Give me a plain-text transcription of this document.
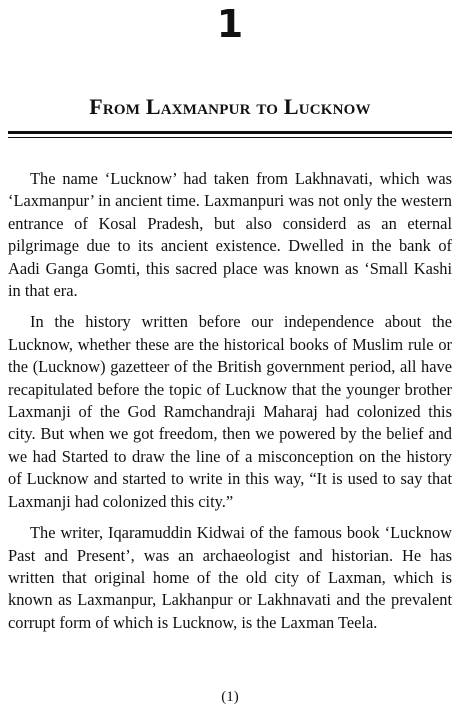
1
From Laxmanpur to Lucknow

The name ‘Lucknow’ had taken from Lakhnavati, which was ‘Laxmanpur’ in ancient time. Laxmanpuri was not only the western entrance of Kosal Pradesh, but also considerd as an eternal pilgrimage due to its ancient existence. Dwelled in the bank of Aadi Ganga Gomti, this sacred place was known as ‘Small Kashi in that era.

In the history written before our independence about the Lucknow, whether these are the historical books of Muslim rule or the (Lucknow) gazetteer of the British government period, all have recapitulated before the topic of Lucknow that the younger brother Laxmanji of the God Ramchandraji Maharaj had colonized this city. But when we got freedom, then we powered by the belief and we had Started to draw the line of a misconception on the history of Lucknow and started to write in this way, “It is used to say that Laxmanji had colonized this city.”

The writer, Iqaramuddin Kidwai of the famous book ‘Lucknow Past and Present’, was an archaeologist and historian. He has written that original home of the old city of Laxman, which is known as Laxmanpur, Lakhanpur or Lakhnavati and the prevalent corrupt form of which is Lucknow, is the Laxman Teela.

(1)
